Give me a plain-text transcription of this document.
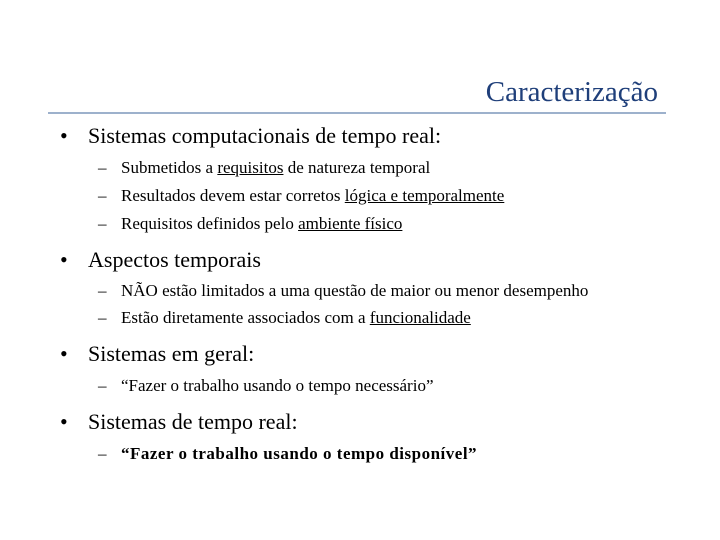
Caracterização
• Sistemas computacionais de tempo real:
– Submetidos a requisitos de natureza temporal
– Resultados devem estar corretos lógica e temporalmente
– Requisitos definidos pelo ambiente físico
• Aspectos temporais
– NÃO estão limitados a uma questão de maior ou menor desempenho
– Estão diretamente associados com a funcionalidade
• Sistemas em geral:
– “Fazer o trabalho usando o tempo necessário”
• Sistemas de tempo real:
– “Fazer o trabalho usando o tempo disponível”
